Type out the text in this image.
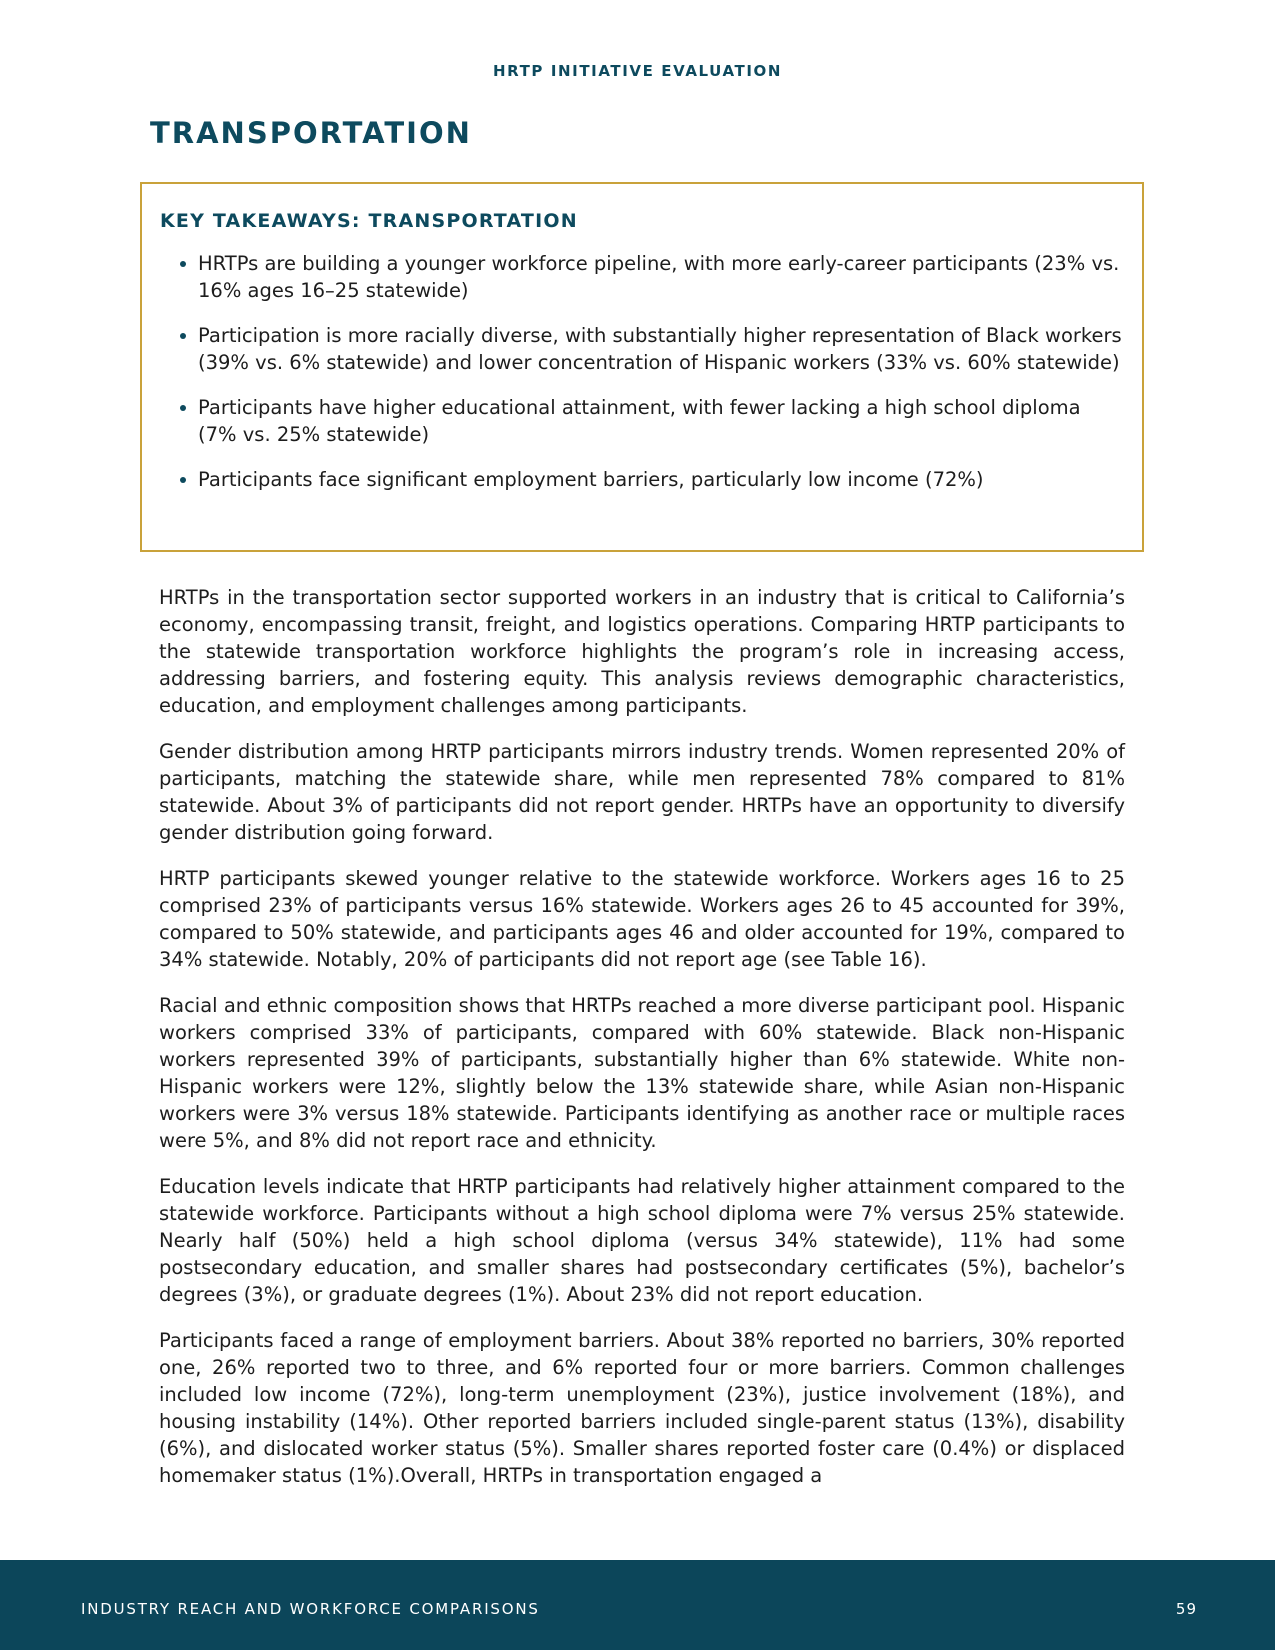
HRTP INITIATIVE EVALUATION
TRANSPORTATION
KEY TAKEAWAYS: TRANSPORTATION
HRTPs are building a younger workforce pipeline, with more early-career participants (23% vs. 16% ages 16–25 statewide)
Participation is more racially diverse, with substantially higher representation of Black workers (39% vs. 6% statewide) and lower concentration of Hispanic workers (33% vs. 60% statewide)
Participants have higher educational attainment, with fewer lacking a high school diploma (7% vs. 25% statewide)
Participants face significant employment barriers, particularly low income (72%)

HRTPs in the transportation sector supported workers in an industry that is critical to California’s economy, encompassing transit, freight, and logistics operations. Comparing HRTP participants to the statewide transportation workforce highlights the program’s role in increasing access, addressing barriers, and fostering equity. This analysis reviews demographic characteristics, education, and employment challenges among participants.

Gender distribution among HRTP participants mirrors industry trends. Women represented 20% of participants, matching the statewide share, while men represented 78% compared to 81% statewide. About 3% of participants did not report gender. HRTPs have an opportunity to diversify gender distribution going forward.

HRTP participants skewed younger relative to the statewide workforce. Workers ages 16 to 25 comprised 23% of participants versus 16% statewide. Workers ages 26 to 45 accounted for 39%, compared to 50% statewide, and participants ages 46 and older accounted for 19%, compared to 34% statewide. Notably, 20% of participants did not report age (see Table 16).

Racial and ethnic composition shows that HRTPs reached a more diverse participant pool. Hispanic workers comprised 33% of participants, compared with 60% statewide. Black non-Hispanic workers represented 39% of participants, substantially higher than 6% statewide. White non-Hispanic workers were 12%, slightly below the 13% statewide share, while Asian non-Hispanic workers were 3% versus 18% statewide. Participants identifying as another race or multiple races were 5%, and 8% did not report race and ethnicity.

Education levels indicate that HRTP participants had relatively higher attainment compared to the statewide workforce. Participants without a high school diploma were 7% versus 25% statewide. Nearly half (50%) held a high school diploma (versus 34% statewide), 11% had some postsecondary education, and smaller shares had postsecondary certificates (5%), bachelor’s degrees (3%), or graduate degrees (1%). About 23% did not report education.

Participants faced a range of employment barriers. About 38% reported no barriers, 30% reported one, 26% reported two to three, and 6% reported four or more barriers. Common challenges included low income (72%), long-term unemployment (23%), justice involvement (18%), and housing instability (14%). Other reported barriers included single-parent status (13%), disability (6%), and dislocated worker status (5%). Smaller shares reported foster care (0.4%) or displaced homemaker status (1%).Overall, HRTPs in transportation engaged a

INDUSTRY REACH AND WORKFORCE COMPARISONS	59
